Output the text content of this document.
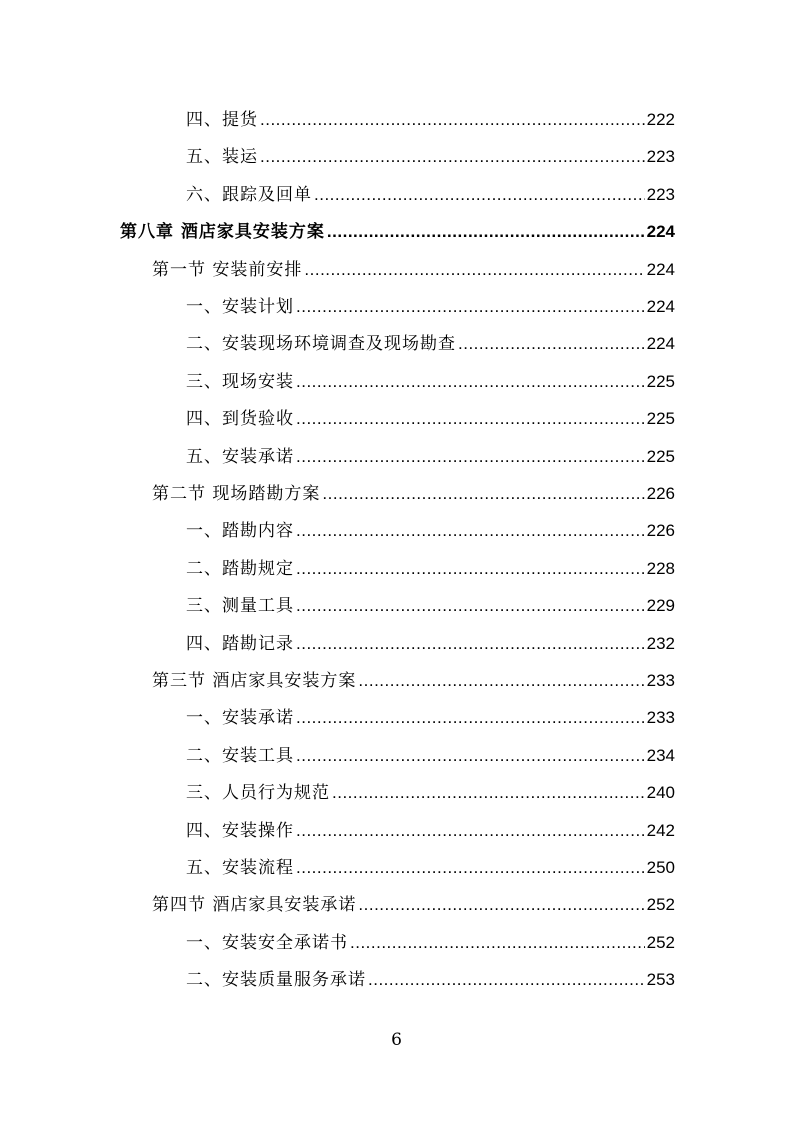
四、提货 .....	222
五、装运 .....	223
六、跟踪及回单 .....	223
第八章 酒店家具安装方案 .....	224
第一节 安装前安排 .....	224
一、安装计划 .....	224
二、安装现场环境调查及现场勘查 .....	224
三、现场安装 .....	225
四、到货验收 .....	225
五、安装承诺 .....	225
第二节 现场踏勘方案 .....	226
一、踏勘内容 .....	226
二、踏勘规定 .....	228
三、测量工具 .....	229
四、踏勘记录 .....	232
第三节 酒店家具安装方案 .....	233
一、安装承诺 .....	233
二、安装工具 .....	234
三、人员行为规范 .....	240
四、安装操作 .....	242
五、安装流程 .....	250
第四节 酒店家具安装承诺 .....	252
一、安装安全承诺书 .....	252
二、安装质量服务承诺 .....	253
6
